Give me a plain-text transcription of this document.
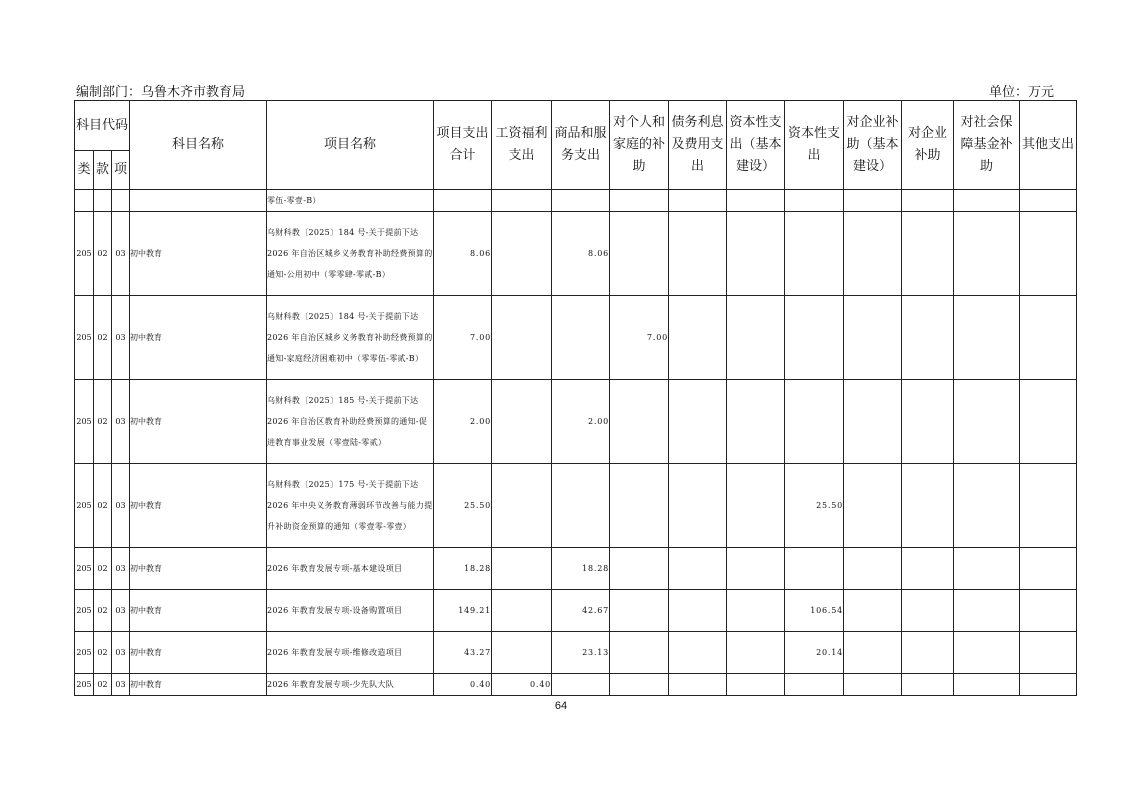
编制部门：乌鲁木齐市教育局	单位：万元
科目代码			科目名称	项目名称	项目支出合计	工资福利支出	商品和服务支出	对个人和家庭的补助	债务利息及费用支出	资本性支出（基本建设）	资本性支出	对企业补助（基本建设）	对企业补助	对社会保障基金补助	其他支出
类	款	项													
				零伍-零壹-B）											
205	02	03	初中教育	乌财科教〔2025〕184 号-关于提前下达 2026 年自治区城乡义务教育补助经费预算的通知-公用初中（零零肆-零贰-B）	8.06		8.06								
205	02	03	初中教育	乌财科教〔2025〕184 号-关于提前下达 2026 年自治区城乡义务教育补助经费预算的通知-家庭经济困难初中（零零伍-零贰-B）	7.00			7.00							
205	02	03	初中教育	乌财科教〔2025〕185 号-关于提前下达 2026 年自治区教育补助经费预算的通知-促进教育事业发展（零壹陆-零贰）	2.00		2.00								
205	02	03	初中教育	乌财科教〔2025〕175 号-关于提前下达 2026 年中央义务教育薄弱环节改善与能力提升补助资金预算的通知（零壹零-零壹）	25.50						25.50				
205	02	03	初中教育	2026 年教育发展专项-基本建设项目	18.28		18.28								
205	02	03	初中教育	2026 年教育发展专项-设备购置项目	149.21		42.67				106.54				
205	02	03	初中教育	2026 年教育发展专项-维修改造项目	43.27		23.13				20.14				
205	02	03	初中教育	2026 年教育发展专项-少先队大队	0.40	0.40									
64
